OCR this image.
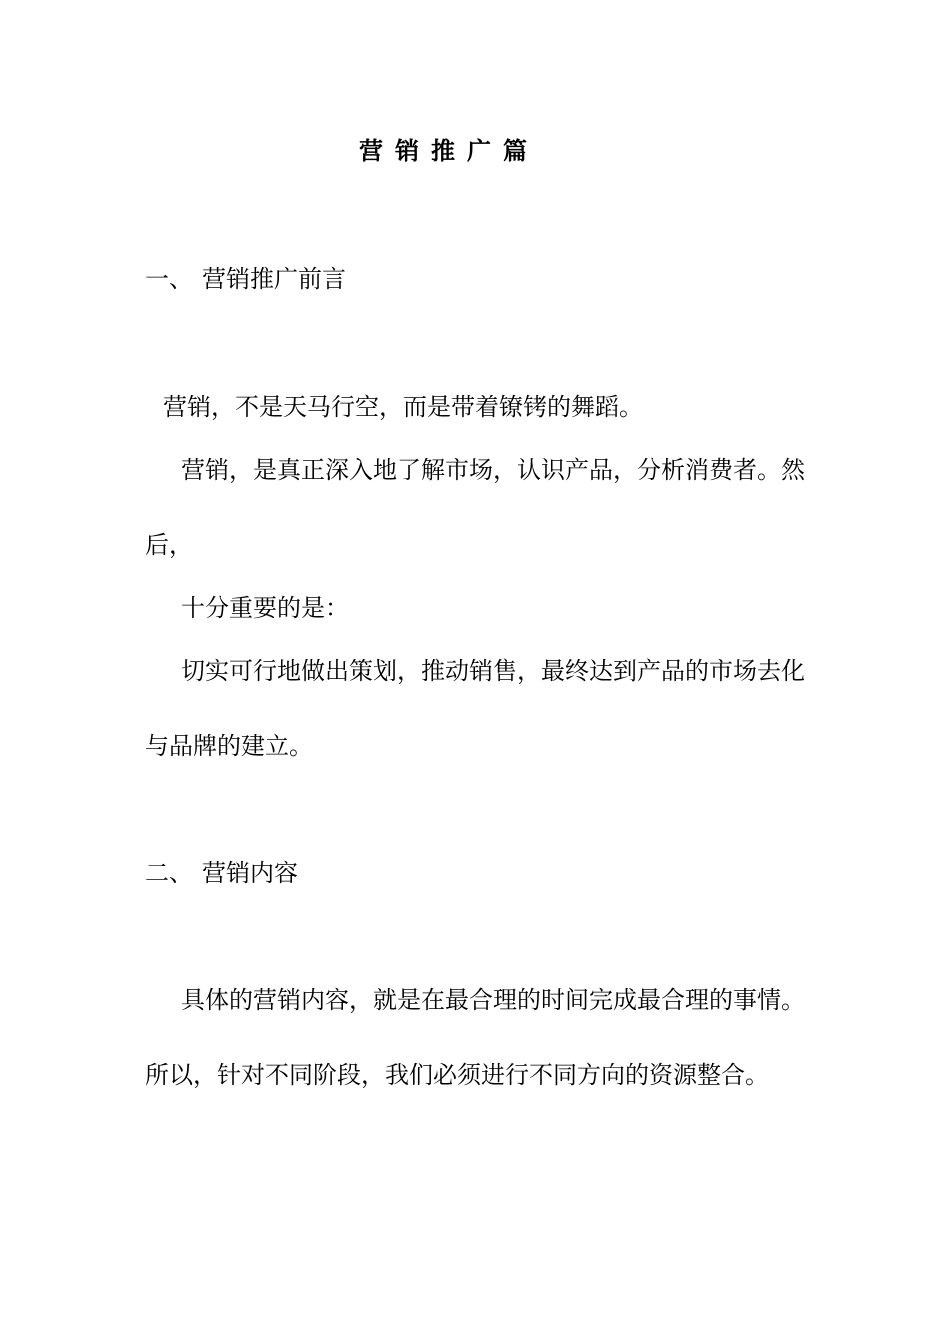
营销推广篇
一、 营销推广前言

营销，不是天马行空，而是带着镣铐的舞蹈。

营销，是真正深入地了解市场，认识产品，分析消费者。然

后，

十分重要的是：

切实可行地做出策划，推动销售，最终达到产品的市场去化

与品牌的建立。

二、 营销内容

具体的营销内容，就是在最合理的时间完成最合理的事情。

所以，针对不同阶段，我们必须进行不同方向的资源整合。
